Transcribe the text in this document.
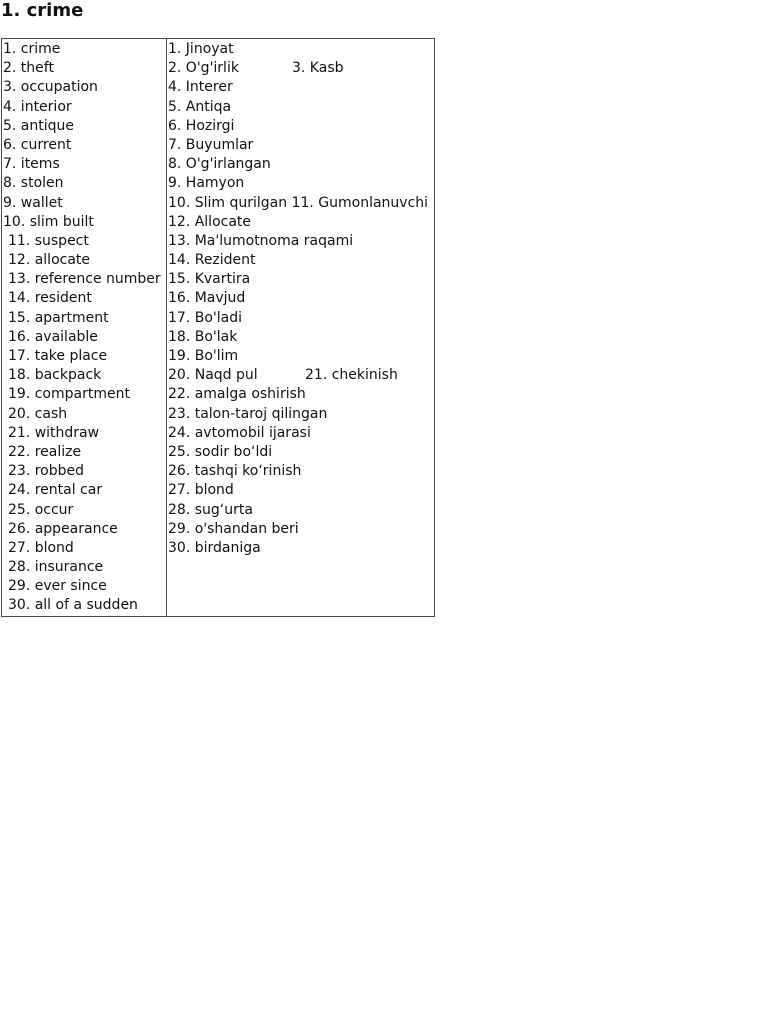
1. crime
1. crime
2. theft
3. occupation
4. interior
5. antique
6. current
7. items
8. stolen
9. wallet
10. slim built
11. suspect
12. allocate
13. reference number
14. resident
15. apartment
16. available
17. take place
18. backpack
19. compartment
20. cash
21. withdraw
22. realize
23. robbed
24. rental car
25. occur
26. appearance
27. blond
28. insurance
29. ever since
30. all of a sudden
1. Jinoyat
2. O'g'irlik	3. Kasb
4. Interer
5. Antiqa
6. Hozirgi
7. Buyumlar
8. O'g'irlangan
9. Hamyon
10. Slim qurilgan 11. Gumonlanuvchi
12. Allocate
13. Ma'lumotnoma raqami
14. Rezident
15. Kvartira
16. Mavjud
17. Bo'ladi
18. Bo'lak
19. Bo'lim
20. Naqd pul	21. chekinish
22. amalga oshirish
23. talon-taroj qilingan
24. avtomobil ijarasi
25. sodir bo‘ldi
26. tashqi ko‘rinish
27. blond
28. sug‘urta
29. o'shandan beri
30. birdaniga
